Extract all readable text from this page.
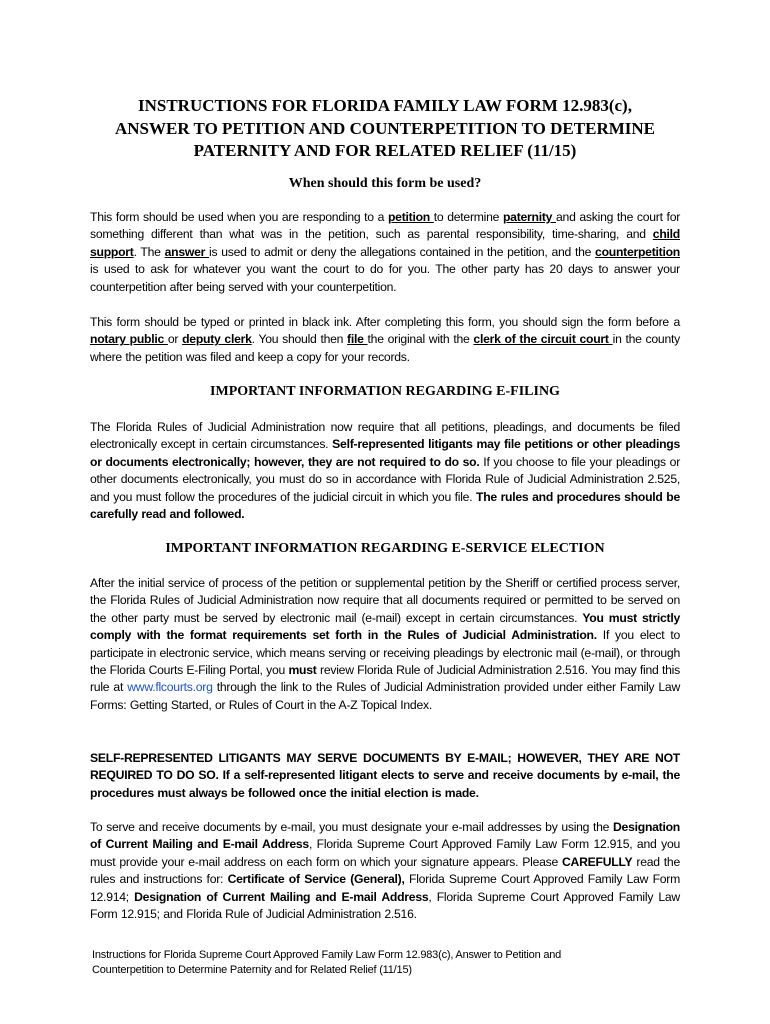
INSTRUCTIONS FOR FLORIDA FAMILY LAW FORM 12.983(c),
ANSWER TO PETITION AND COUNTERPETITION TO DETERMINE
PATERNITY AND FOR RELATED RELIEF (11/15)
When should this form be used?
This form should be used when you are responding to a petition to determine paternity and asking the court for something different than what was in the petition, such as parental responsibility, time-sharing, and child support. The answer is used to admit or deny the allegations contained in the petition, and the counterpetition is used to ask for whatever you want the court to do for you. The other party has 20 days to answer your counterpetition after being served with your counterpetition.
This form should be typed or printed in black ink. After completing this form, you should sign the form before a notary public or deputy clerk. You should then file the original with the clerk of the circuit court in the county where the petition was filed and keep a copy for your records.
IMPORTANT INFORMATION REGARDING E-FILING
The Florida Rules of Judicial Administration now require that all petitions, pleadings, and documents be filed electronically except in certain circumstances. Self-represented litigants may file petitions or other pleadings or documents electronically; however, they are not required to do so. If you choose to file your pleadings or other documents electronically, you must do so in accordance with Florida Rule of Judicial Administration 2.525, and you must follow the procedures of the judicial circuit in which you file. The rules and procedures should be carefully read and followed.
IMPORTANT INFORMATION REGARDING E-SERVICE ELECTION
After the initial service of process of the petition or supplemental petition by the Sheriff or certified process server, the Florida Rules of Judicial Administration now require that all documents required or permitted to be served on the other party must be served by electronic mail (e-mail) except in certain circumstances. You must strictly comply with the format requirements set forth in the Rules of Judicial Administration. If you elect to participate in electronic service, which means serving or receiving pleadings by electronic mail (e-mail), or through the Florida Courts E-Filing Portal, you must review Florida Rule of Judicial Administration 2.516. You may find this rule at www.flcourts.org through the link to the Rules of Judicial Administration provided under either Family Law Forms: Getting Started, or Rules of Court in the A-Z Topical Index.
SELF-REPRESENTED LITIGANTS MAY SERVE DOCUMENTS BY E-MAIL; HOWEVER, THEY ARE NOT REQUIRED TO DO SO. If a self-represented litigant elects to serve and receive documents by e-mail, the procedures must always be followed once the initial election is made.
To serve and receive documents by e-mail, you must designate your e-mail addresses by using the Designation of Current Mailing and E-mail Address, Florida Supreme Court Approved Family Law Form 12.915, and you must provide your e-mail address on each form on which your signature appears. Please CAREFULLY read the rules and instructions for: Certificate of Service (General), Florida Supreme Court Approved Family Law Form 12.914; Designation of Current Mailing and E-mail Address, Florida Supreme Court Approved Family Law Form 12.915; and Florida Rule of Judicial Administration 2.516.
Instructions for Florida Supreme Court Approved Family Law Form 12.983(c), Answer to Petition and
Counterpetition to Determine Paternity and for Related Relief (11/15)
